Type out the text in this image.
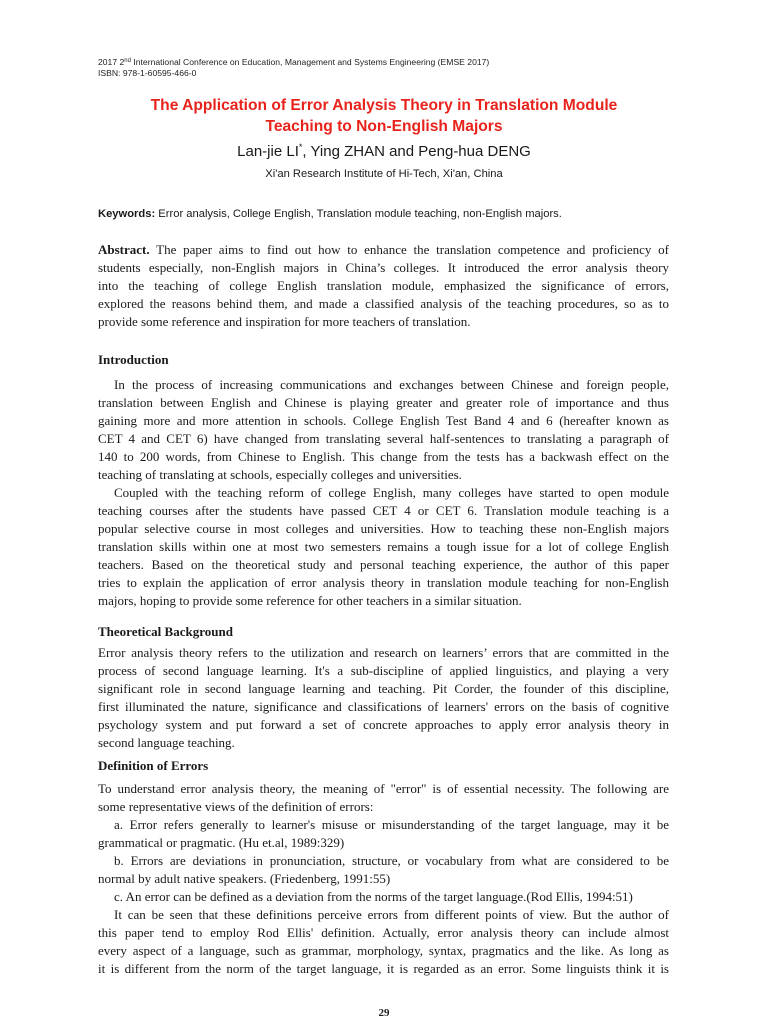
2017 2nd International Conference on Education, Management and Systems Engineering (EMSE 2017)
ISBN: 978-1-60595-466-0
The Application of Error Analysis Theory in Translation Module
Teaching to Non-English Majors
Lan-jie LI*, Ying ZHAN and Peng-hua DENG
Xi'an Research Institute of Hi-Tech, Xi'an, China
Keywords: Error analysis, College English, Translation module teaching, non-English majors.
Abstract. The paper aims to find out how to enhance the translation competence and proficiency of
students especially, non-English majors in China’s colleges. It introduced the error analysis theory
into the teaching of college English translation module, emphasized the significance of errors,
explored the reasons behind them, and made a classified analysis of the teaching procedures, so as to
provide some reference and inspiration for more teachers of translation.
Introduction
In the process of increasing communications and exchanges between Chinese and foreign people,
translation between English and Chinese is playing greater and greater role of importance and thus
gaining more and more attention in schools. College English Test Band 4 and 6 (hereafter known as
CET 4 and CET 6) have changed from translating several half-sentences to translating a paragraph of
140 to 200 words, from Chinese to English. This change from the tests has a backwash effect on the
teaching of translating at schools, especially colleges and universities.
Coupled with the teaching reform of college English, many colleges have started to open module
teaching courses after the students have passed CET 4 or CET 6. Translation module teaching is a
popular selective course in most colleges and universities. How to teaching these non-English majors
translation skills within one at most two semesters remains a tough issue for a lot of college English
teachers. Based on the theoretical study and personal teaching experience, the author of this paper
tries to explain the application of error analysis theory in translation module teaching for non-English
majors, hoping to provide some reference for other teachers in a similar situation.
Theoretical Background
Error analysis theory refers to the utilization and research on learners’ errors that are committed in the
process of second language learning. It's a sub-discipline of applied linguistics, and playing a very
significant role in second language learning and teaching. Pit Corder, the founder of this discipline,
first illuminated the nature, significance and classifications of learners' errors on the basis of cognitive
psychology system and put forward a set of concrete approaches to apply error analysis theory in
second language teaching.
Definition of Errors
To understand error analysis theory, the meaning of "error" is of essential necessity. The following are
some representative views of the definition of errors:
a. Error refers generally to learner's misuse or misunderstanding of the target language, may it be
grammatical or pragmatic. (Hu et.al, 1989:329)
b. Errors are deviations in pronunciation, structure, or vocabulary from what are considered to be
normal by adult native speakers. (Friedenberg, 1991:55)
c. An error can be defined as a deviation from the norms of the target language.(Rod Ellis, 1994:51)
It can be seen that these definitions perceive errors from different points of view. But the author of
this paper tend to employ Rod Ellis' definition. Actually, error analysis theory can include almost
every aspect of a language, such as grammar, morphology, syntax, pragmatics and the like. As long as
it is different from the norm of the target language, it is regarded as an error. Some linguists think it is
29
